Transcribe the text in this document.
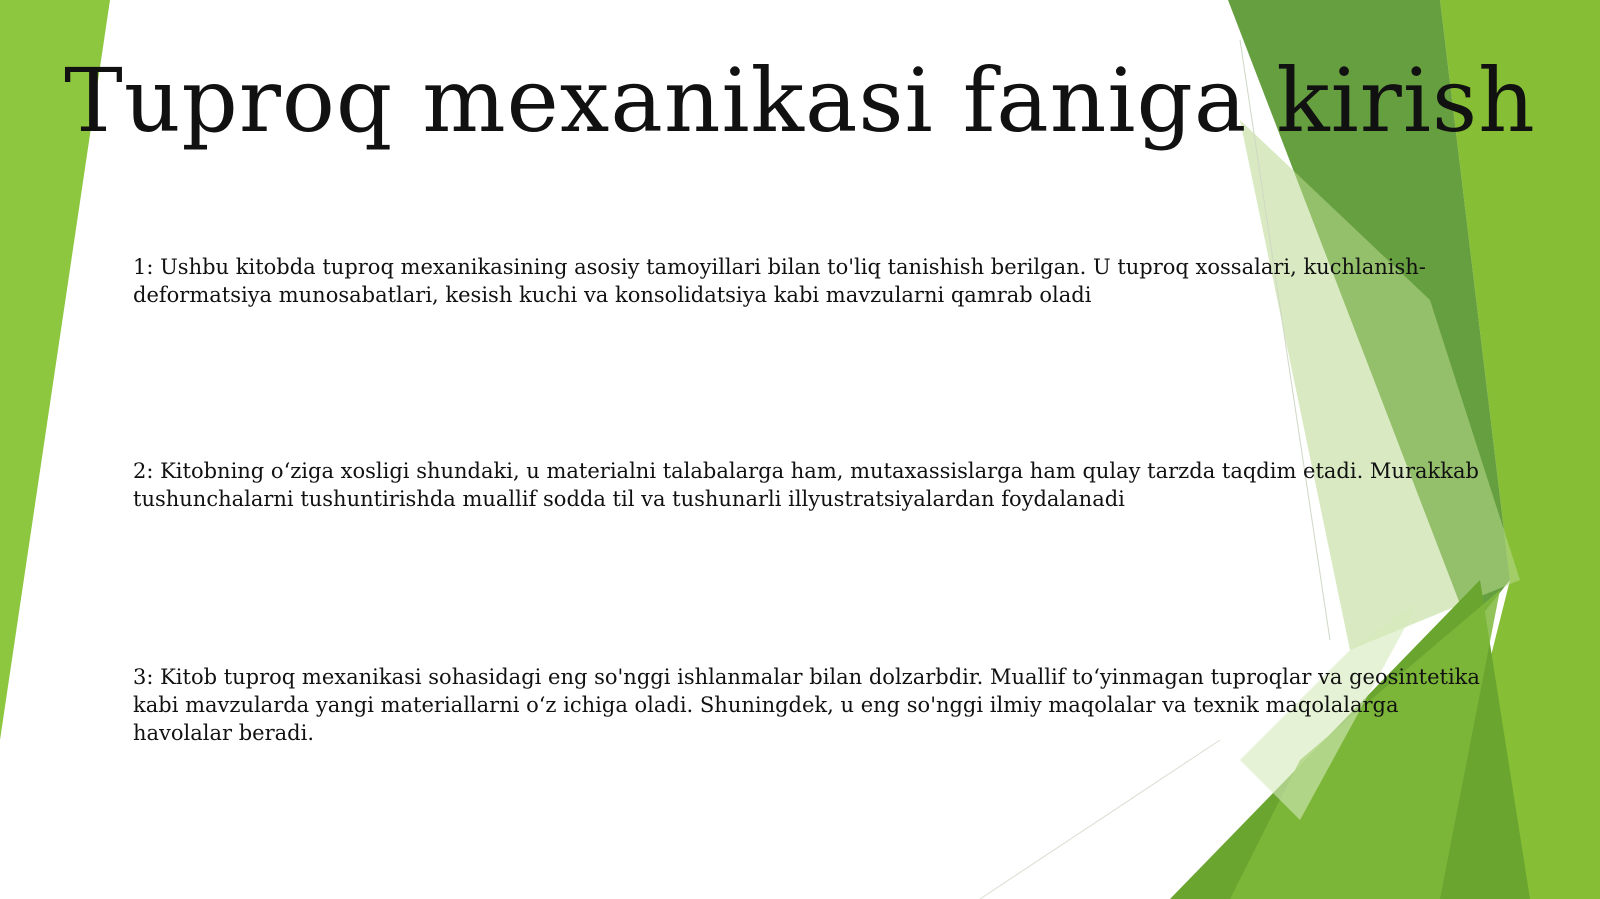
Tuproq mexanikasi faniga kirish
1: Ushbu kitobda tuproq mexanikasining asosiy tamoyillari bilan to'liq tanishish berilgan. U tuproq xossalari, kuchlanish-deformatsiya munosabatlari, kesish kuchi va konsolidatsiya kabi mavzularni qamrab oladi
2: Kitobning o‘ziga xosligi shundaki, u materialni talabalarga ham, mutaxassislarga ham qulay tarzda taqdim etadi. Murakkab tushunchalarni tushuntirishda muallif sodda til va tushunarli illyustratsiyalardan foydalanadi
3: Kitob tuproq mexanikasi sohasidagi eng so'nggi ishlanmalar bilan dolzarbdir. Muallif to‘yinmagan tuproqlar va geosintetika kabi mavzularda yangi materiallarni o‘z ichiga oladi. Shuningdek, u eng so'nggi ilmiy maqolalar va texnik maqolalarga havolalar beradi.
